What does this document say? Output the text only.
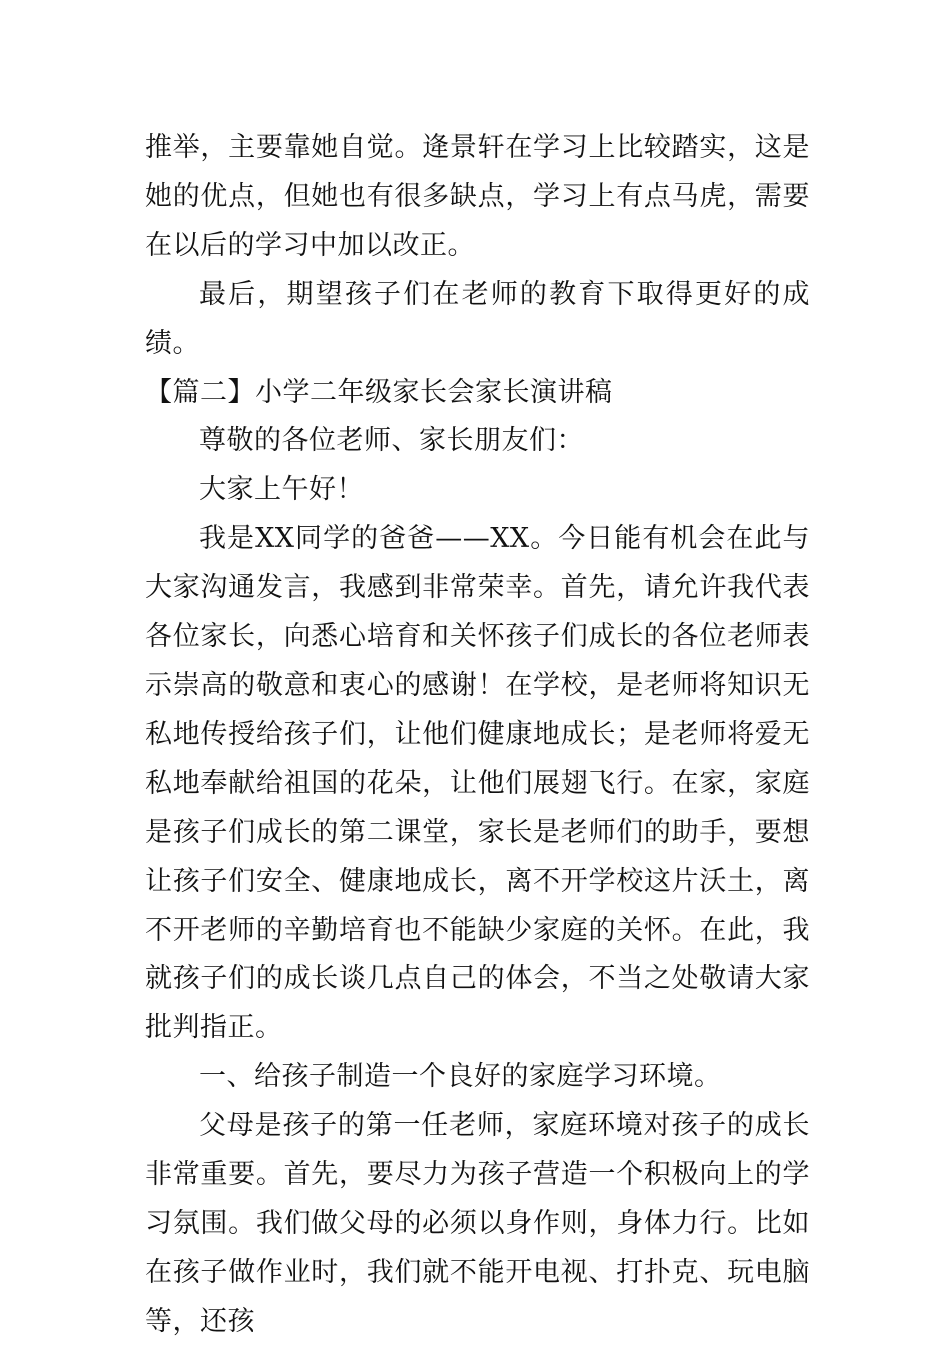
推举，主要靠她自觉。逄景轩在学习上比较踏实，这是她的优点，但她也有很多缺点，学习上有点马虎，需要在以后的学习中加以改正。

最后，期望孩子们在老师的教育下取得更好的成绩。

【篇二】小学二年级家长会家长演讲稿

尊敬的各位老师、家长朋友们：

大家上午好！

我是XX同学的爸爸——XX。今日能有机会在此与大家沟通发言，我感到非常荣幸。首先，请允许我代表各位家长，向悉心培育和关怀孩子们成长的各位老师表示崇高的敬意和衷心的感谢！在学校，是老师将知识无私地传授给孩子们，让他们健康地成长；是老师将爱无私地奉献给祖国的花朵，让他们展翅飞行。在家，家庭是孩子们成长的第二课堂，家长是老师们的助手，要想让孩子们安全、健康地成长，离不开学校这片沃土，离不开老师的辛勤培育也不能缺少家庭的关怀。在此，我就孩子们的成长谈几点自己的体会，不当之处敬请大家批判指正。

一、给孩子制造一个良好的家庭学习环境。

父母是孩子的第一任老师，家庭环境对孩子的成长非常重要。首先，要尽力为孩子营造一个积极向上的学习氛围。我们做父母的必须以身作则，身体力行。比如在孩子做作业时，我们就不能开电视、打扑克、玩电脑等，还孩
